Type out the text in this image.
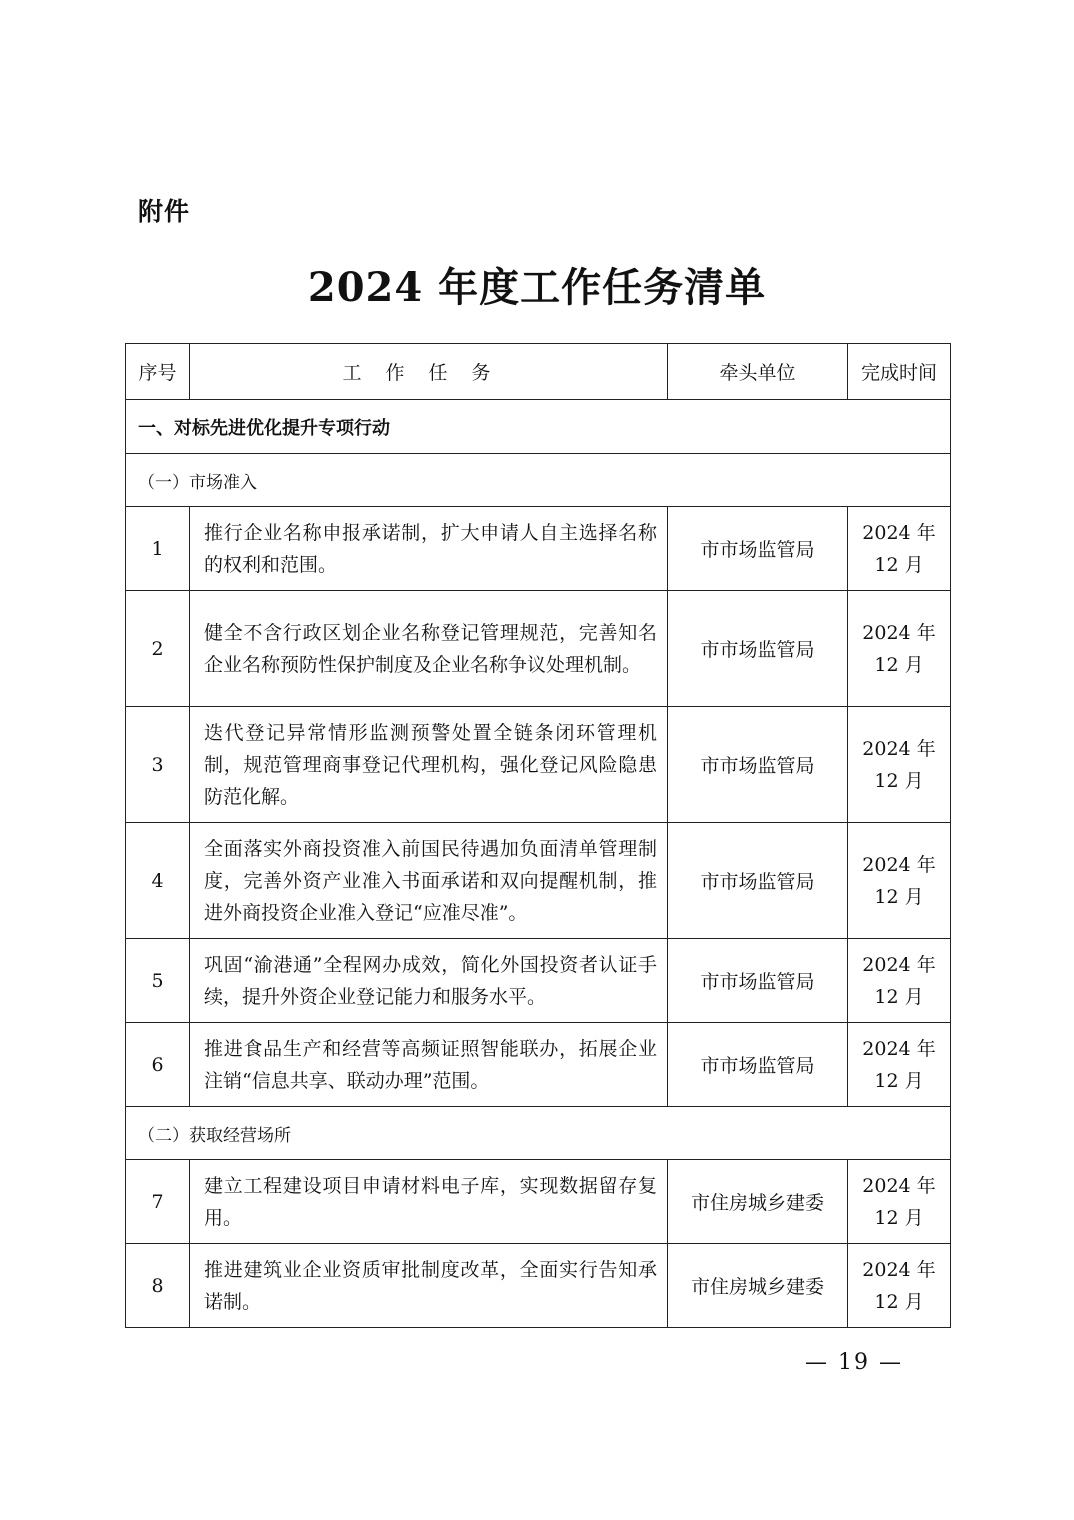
附件
2024 年度工作任务清单
序号	工作任务	牵头单位	完成时间
一、对标先进优化提升专项行动			
（一）市场准入			
1	推行企业名称申报承诺制，扩大申请人自主选择名称的权利和范围。	市市场监管局	2024 年
12 月
2	健全不含行政区划企业名称登记管理规范，完善知名企业名称预防性保护制度及企业名称争议处理机制。	市市场监管局	2024 年
12 月
3	迭代登记异常情形监测预警处置全链条闭环管理机制，规范管理商事登记代理机构，强化登记风险隐患防范化解。	市市场监管局	2024 年
12 月
4	全面落实外商投资准入前国民待遇加负面清单管理制度，完善外资产业准入书面承诺和双向提醒机制，推进外商投资企业准入登记“应准尽准”。	市市场监管局	2024 年
12 月
5	巩固“渝港通”全程网办成效，简化外国投资者认证手续，提升外资企业登记能力和服务水平。	市市场监管局	2024 年
12 月
6	推进食品生产和经营等高频证照智能联办，拓展企业注销“信息共享、联动办理”范围。	市市场监管局	2024 年
12 月
（二）获取经营场所			
7	建立工程建设项目申请材料电子库，实现数据留存复用。	市住房城乡建委	2024 年
12 月
8	推进建筑业企业资质审批制度改革，全面实行告知承诺制。	市住房城乡建委	2024 年
12 月
— 19 —
